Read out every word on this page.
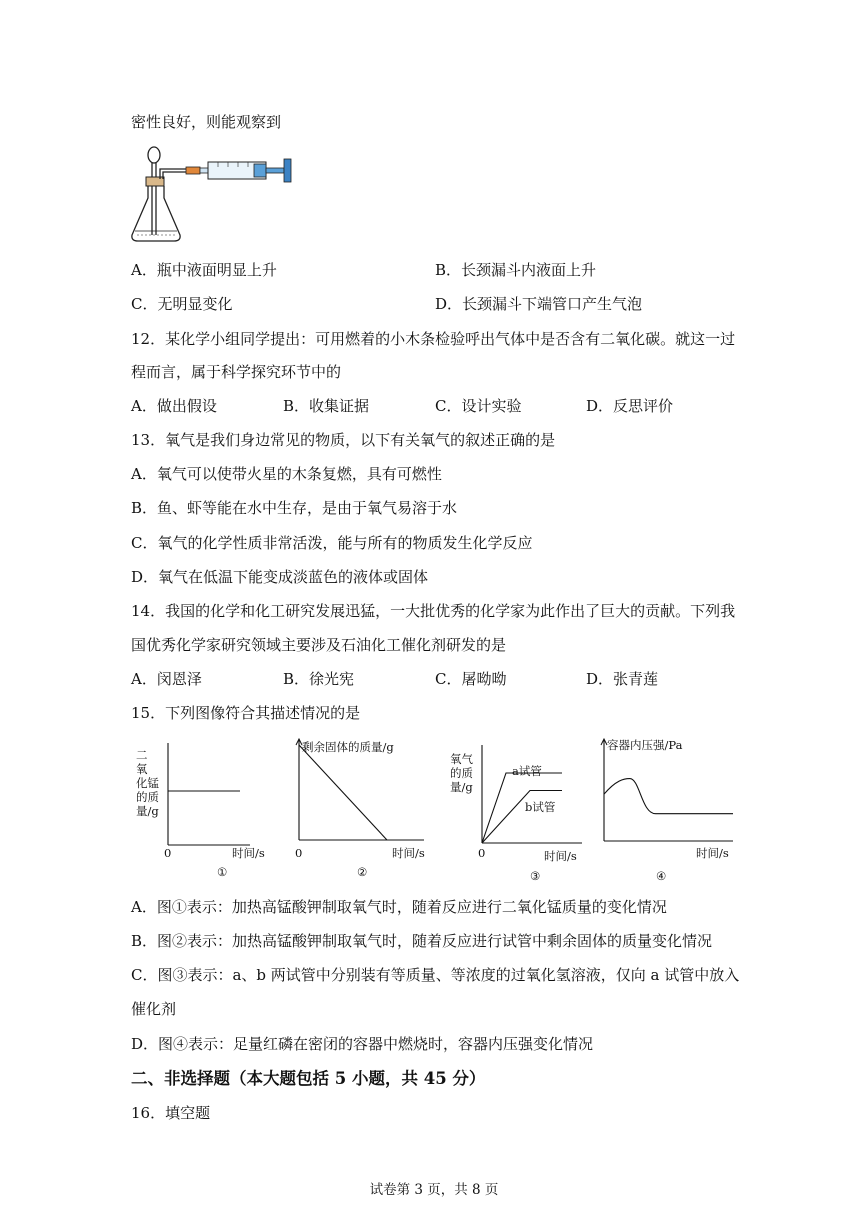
密性良好，则能观察到
A．瓶中液面明显上升	B．长颈漏斗内液面上升
C．无明显变化	D．长颈漏斗下端管口产生气泡
12．某化学小组同学提出：可用燃着的小木条检验呼出气体中是否含有二氧化碳。就这一过
程而言，属于科学探究环节中的
A．做出假设	B．收集证据	C．设计实验	D．反思评价
13．氧气是我们身边常见的物质，以下有关氧气的叙述正确的是
A．氧气可以使带火星的木条复燃，具有可燃性
B．鱼、虾等能在水中生存，是由于氧气易溶于水
C．氧气的化学性质非常活泼，能与所有的物质发生化学反应
D．氧气在低温下能变成淡蓝色的液体或固体
14．我国的化学和化工研究发展迅猛，一大批优秀的化学家为此作出了巨大的贡献。下列我
国优秀化学家研究领域主要涉及石油化工催化剂研发的是
A．闵恩泽	B．徐光宪	C．屠呦呦	D．张青莲
15．下列图像符合其描述情况的是
二
氧
化锰
的质
量/g
0	时间/s
①
剩余固体的质量/g
0	时间/s
②
氧气
的质
量/g
a试管
b试管
0	时间/s
③
容器内压强/Pa
时间/s
④
A．图①表示：加热高锰酸钾制取氧气时，随着反应进行二氧化锰质量的变化情况
B．图②表示：加热高锰酸钾制取氧气时，随着反应进行试管中剩余固体的质量变化情况
C．图③表示：a、b 两试管中分别装有等质量、等浓度的过氧化氢溶液，仅向 a 试管中放入
催化剂
D．图④表示：足量红磷在密闭的容器中燃烧时，容器内压强变化情况
二、非选择题（本大题包括 5 小题，共 45 分）
16．填空题
试卷第 3 页，共 8 页
